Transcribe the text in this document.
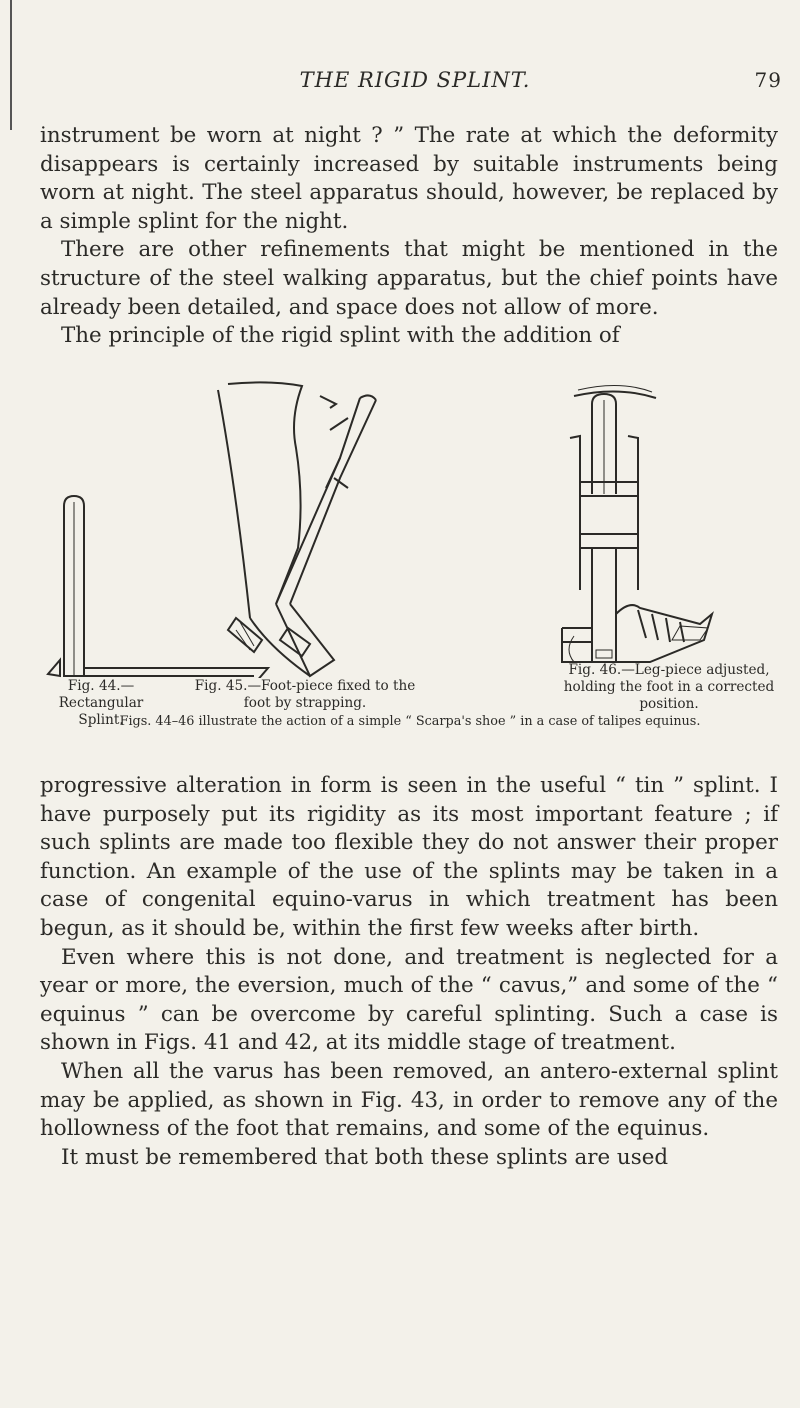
THE RIGID SPLINT.	79

instrument be worn at night ? ” The rate at which the deformity disappears is certainly increased by suitable instruments being worn at night. The steel apparatus should, however, be replaced by a simple splint for the night.

There are other refinements that might be mentioned in the structure of the steel walking apparatus, but the chief points have already been detailed, and space does not allow of more.

The principle of the rigid splint with the addition of

Fig. 44.—Rectangular Splint.
Fig. 45.—Foot-piece fixed to the foot by strapping.
Fig. 46.—Leg-piece adjusted, holding the foot in a corrected position.
Figs. 44–46 illustrate the action of a simple “ Scarpa's shoe ” in a case of talipes equinus.

progressive alteration in form is seen in the useful “ tin ” splint. I have purposely put its rigidity as its most important feature ; if such splints are made too flexible they do not answer their proper function. An example of the use of the splints may be taken in a case of congenital equino-varus in which treatment has been begun, as it should be, within the first few weeks after birth.

Even where this is not done, and treatment is neglected for a year or more, the eversion, much of the “ cavus,” and some of the “ equinus ” can be overcome by careful splinting. Such a case is shown in Figs. 41 and 42, at its middle stage of treatment.

When all the varus has been removed, an antero-external splint may be applied, as shown in Fig. 43, in order to remove any of the hollowness of the foot that remains, and some of the equinus.

It must be remembered that both these splints are used
